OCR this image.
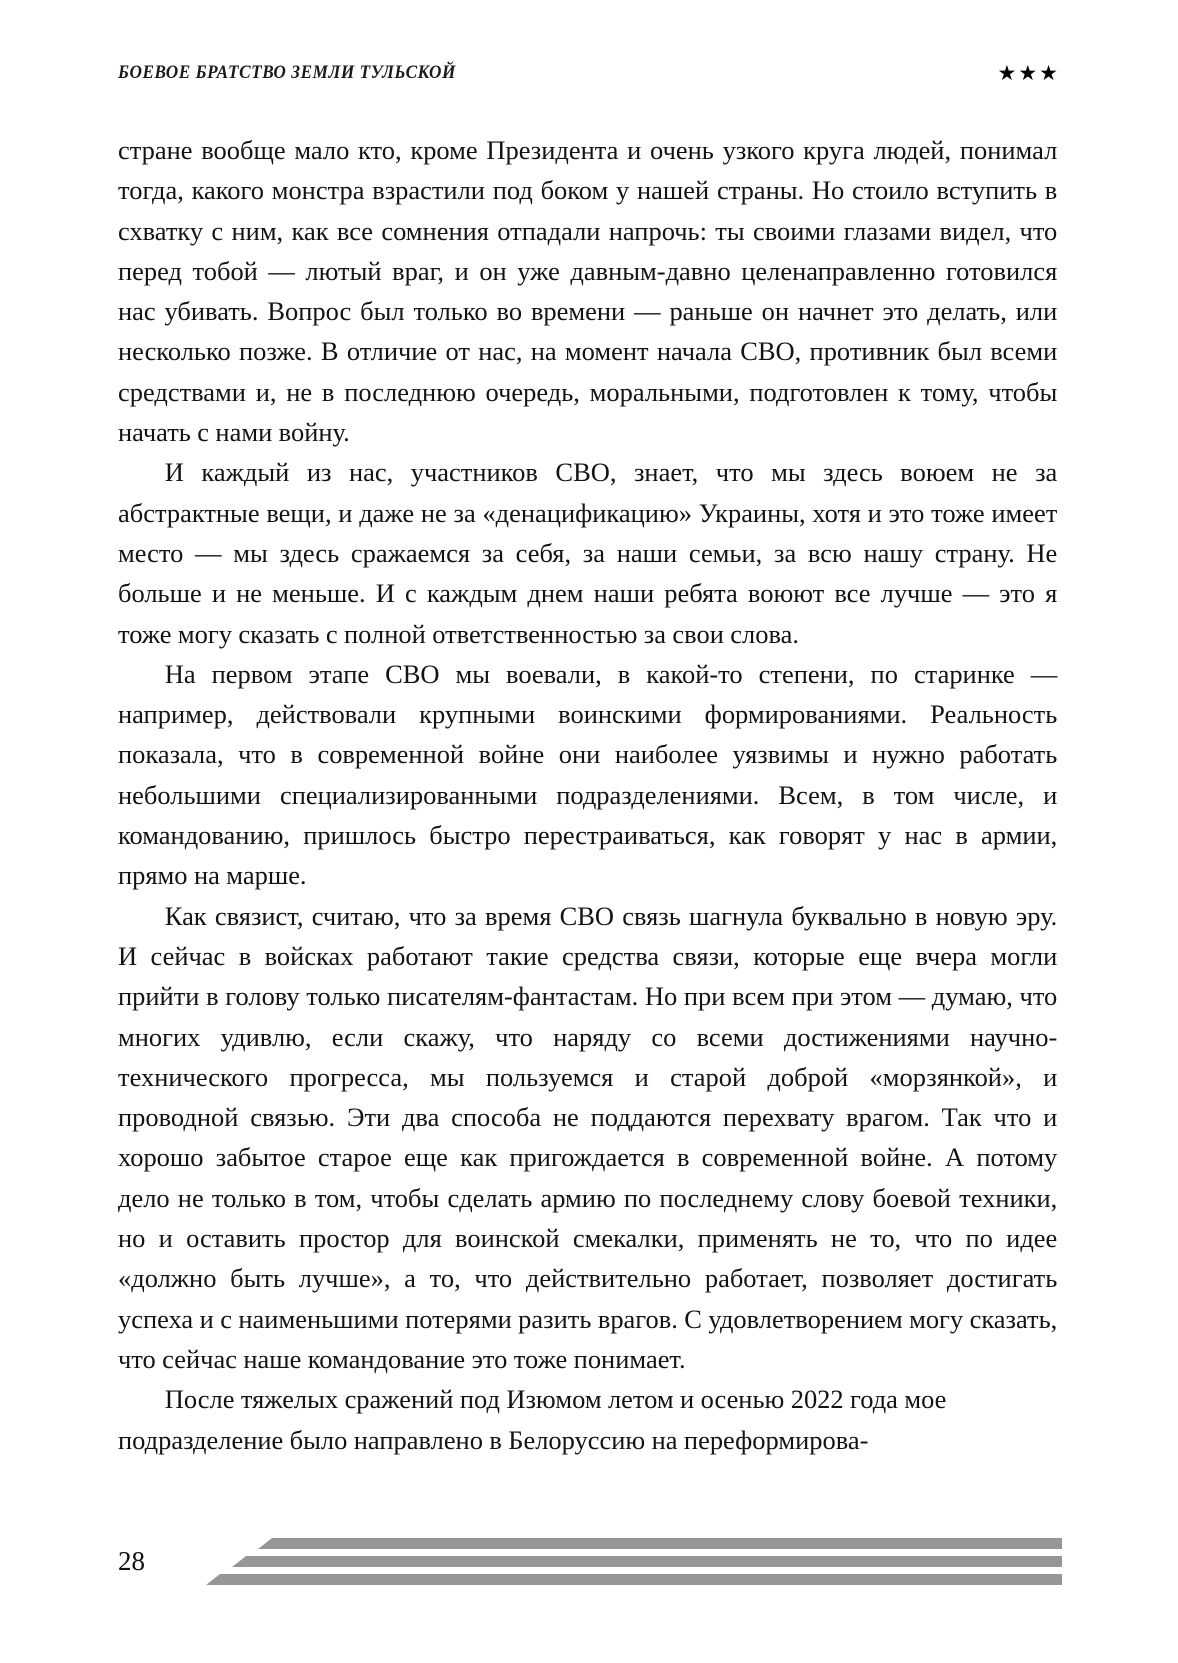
БОЕВОЕ БРАТСТВО ЗЕМЛИ ТУЛЬСКОЙ	★★★

стране вообще мало кто, кроме Президента и очень узкого круга людей, понимал тогда, какого монстра взрастили под боком у нашей страны. Но стоило вступить в схватку с ним, как все сомнения отпадали напрочь: ты своими глазами видел, что перед тобой — лютый враг, и он уже давным-давно целенаправленно готовился нас убивать. Вопрос был только во времени — раньше он начнет это делать, или несколько позже. В отличие от нас, на момент начала СВО, противник был всеми средствами и, не в последнюю очередь, моральными, подготовлен к тому, чтобы начать с нами войну.

И каждый из нас, участников СВО, знает, что мы здесь воюем не за абстрактные вещи, и даже не за «денацификацию» Украины, хотя и это тоже имеет место — мы здесь сражаемся за себя, за наши семьи, за всю нашу страну. Не больше и не меньше. И с каждым днем наши ребята воюют все лучше — это я тоже могу сказать с полной ответственностью за свои слова.

На первом этапе СВО мы воевали, в какой-то степени, по старинке — например, действовали крупными воинскими формированиями. Реальность показала, что в современной войне они наиболее уязвимы и нужно работать небольшими специализированными подразделениями. Всем, в том числе, и командованию, пришлось быстро перестраиваться, как говорят у нас в армии, прямо на марше.

Как связист, считаю, что за время СВО связь шагнула буквально в новую эру. И сейчас в войсках работают такие средства связи, которые еще вчера могли прийти в голову только писателям-фантастам. Но при всем при этом — думаю, что многих удивлю, если скажу, что наряду со всеми достижениями научно-технического прогресса, мы пользуемся и старой доброй «морзянкой», и проводной связью. Эти два способа не поддаются перехвату врагом. Так что и хорошо забытое старое еще как пригождается в современной войне. А потому дело не только в том, чтобы сделать армию по последнему слову боевой техники, но и оставить простор для воинской смекалки, применять не то, что по идее «должно быть лучше», а то, что действительно работает, позволяет достигать успеха и с наименьшими потерями разить врагов. С удовлетворением могу сказать, что сейчас наше командование это тоже понимает.

После тяжелых сражений под Изюмом летом и осенью 2022 года мое подразделение было направлено в Белоруссию на переформирова-

28
